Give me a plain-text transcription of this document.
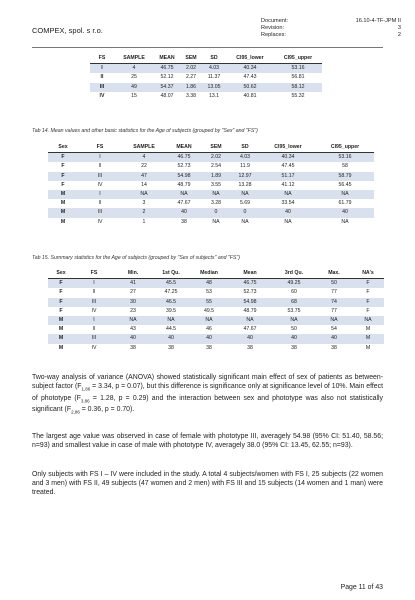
COMPEX, spol. s r.o.
Document:	16.10-4-TF-JPM II
Revision:	3
Replaces:	2
FS	SAMPLE	MEAN	SEM	SD	CI95_lower	CI95_upper
I	4	46.75	2.02	4.03	40.34	53.16
II	25	52.12	2.27	11.37	47.43	56.81
III	49	54.37	1.86	13.05	50.62	58.12
IV	15	48.07	3.38	13.1	40.81	55.32
Tab 14. Mean values and other basic statistics for the Age of subjects (grouped by "Sex" and "FS")
Sex	FS	SAMPLE	MEAN	SEM	SD	CI95_lower	CI95_upper
F	I	4	46.75	2.02	4.03	40.34	53.16
F	II	22	52.73	2.54	11.9	47.45	58
F	III	47	54.98	1.89	12.97	51.17	58.79
F	IV	14	48.79	3.55	13.28	41.12	56.45
M	I	NA	NA	NA	NA	NA	NA
M	II	3	47.67	3.28	5.69	33.54	61.79
M	III	2	40	0	0	40	40
M	IV	1	38	NA	NA	NA	NA
Tab 15. Summary statistics for the Age of subjects (grouped by "Sex of subjects" and "FS")
Sex	FS	Min.	1st Qu.	Median	Mean	3rd Qu.	Max.	NA's
F	I	41	45.5	48	46.75	49.25	50	F
F	II	27	47.25	53	52.73	60	77	F
F	III	30	46.5	55	54.98	68	74	F
F	IV	23	39.5	49.5	48.79	53.75	77	F
M	I	NA	NA	NA	NA	NA	NA	NA
M	II	43	44.5	46	47.67	50	54	M
M	III	40	40	40	40	40	40	M
M	IV	38	38	38	38	38	38	M
Two-way analysis of variance (ANOVA) showed statistically significant main effect of sex of patients as between-subject factor ($F_{1,86} = 3.34$, p = 0.07), but this difference is significance only at significance level of 10%. Main effect of phototype ($F_{3,86} = 1.28$, p = 0.29) and the interaction between sex and phototype was also not statistically significant ($F_{2,86} = 0.36$, p = 0.70).
The largest age value was observed in case of female with phototype III, averagely 54.98 (95% CI: 51.40, 58.56; n=93) and smallest value in case of male with phototype IV, averagely 38.0 (95% CI: 13.45, 62.55; n=93).
Only subjects with FS I – IV were included in the study. A total 4 subjects/women with FS I, 25 subjects (22 women and 3 men) with FS II, 49 subjects (47 women and 2 men) with FS III and 15 subjects (14 women and 1 man) were treated.
Page 11 of 43
